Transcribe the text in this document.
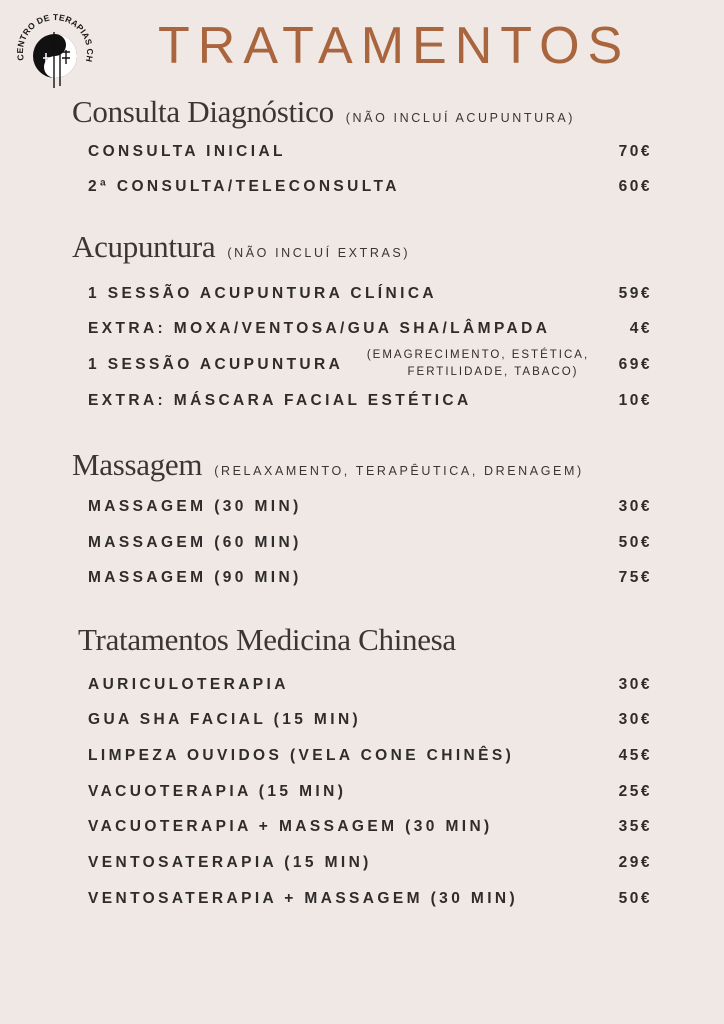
CENTRO DE TERAPIAS CH TRATAMENTOS
Consulta Diagnóstico (NÃO INCLUÍ ACUPUNTURA)
CONSULTA INICIAL	70€
2ª CONSULTA/TELECONSULTA	60€
Acupuntura (NÃO INCLUÍ EXTRAS)
1 SESSÃO ACUPUNTURA CLÍNICA	59€
EXTRA: MOXA/VENTOSA/GUA SHA/LÂMPADA	4€
1 SESSÃO ACUPUNTURA
(EMAGRECIMENTO, ESTÉTICA,
FERTILIDADE, TABACO)	69€
EXTRA: MÁSCARA FACIAL ESTÉTICA	10€
Massagem (RELAXAMENTO, TERAPÊUTICA, DRENAGEM)
MASSAGEM (30 MIN)	30€
MASSAGEM (60 MIN)	50€
MASSAGEM (90 MIN)	75€
Tratamentos Medicina Chinesa
AURICULOTERAPIA	30€
GUA SHA FACIAL (15 MIN)	30€
LIMPEZA OUVIDOS (VELA CONE CHINÊS)	45€
VACUOTERAPIA (15 MIN)	25€
VACUOTERAPIA + MASSAGEM (30 MIN)	35€
VENTOSATERAPIA (15 MIN)	29€
VENTOSATERAPIA + MASSAGEM (30 MIN)	50€
